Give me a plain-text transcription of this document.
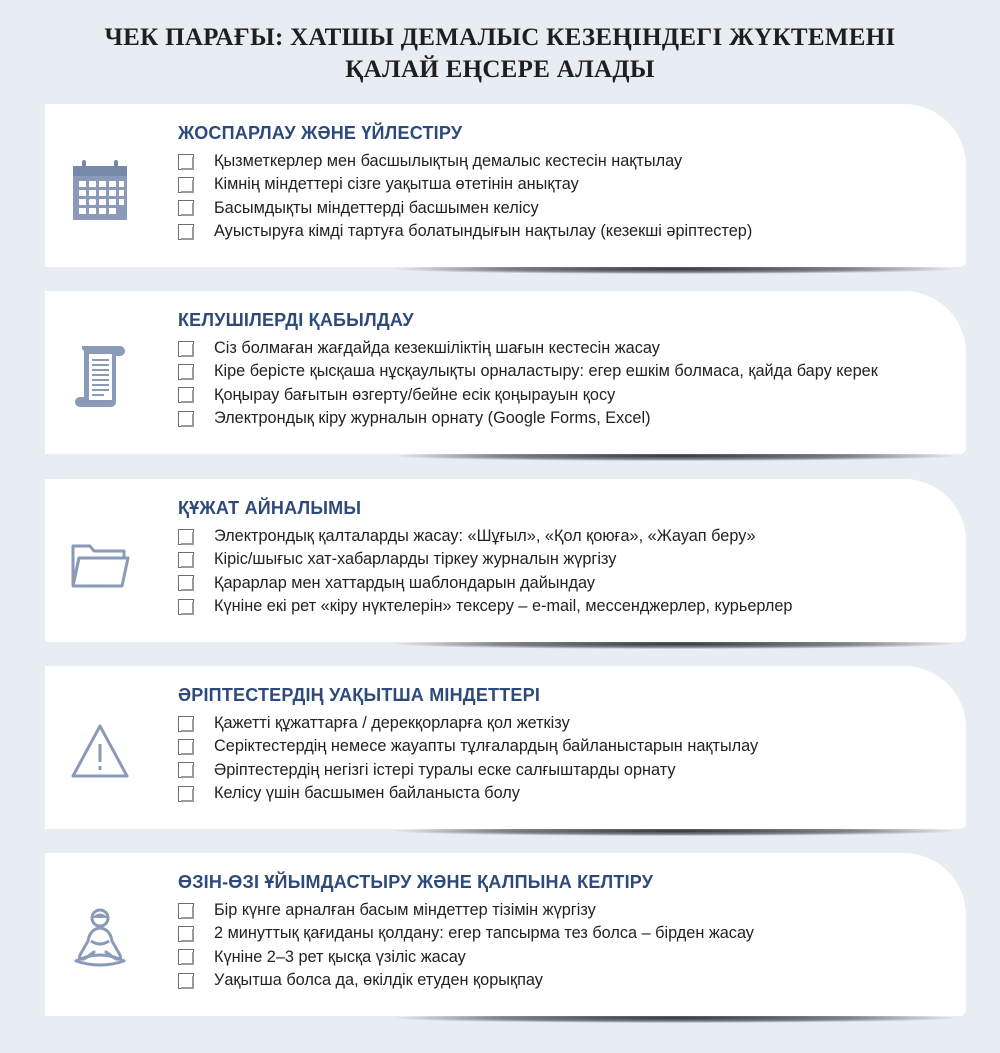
ЧЕК ПАРАҒЫ: ХАТШЫ ДЕМАЛЫС КЕЗЕҢІНДЕГІ ЖҮКТЕМЕНІ
ҚАЛАЙ ЕҢСЕРЕ АЛАДЫ
ЖОСПАРЛАУ ЖӘНЕ ҮЙЛЕСТІРУ
Қызметкерлер мен басшылықтың демалыс кестесін нақтылау
Кімнің міндеттері сізге уақытша өтетінін анықтау
Басымдықты міндеттерді басшымен келісу
Ауыстыруға кімді тартуға болатындығын нақтылау (кезекші әріптестер)
КЕЛУШІЛЕРДІ ҚАБЫЛДАУ
Сіз болмаған жағдайда кезекшіліктің шағын кестесін жасау
Кіре берісте қысқаша нұсқаулықты орналастыру: егер ешкім болмаса, қайда бару керек
Қоңырау бағытын өзгерту/бейне есік қоңырауын қосу
Электрондық кіру журналын орнату (Google Forms, Excel)
ҚҰЖАТ АЙНАЛЫМЫ
Электрондық қалталарды жасау: «Шұғыл», «Қол қоюға», «Жауап беру»
Кіріс/шығыс хат-хабарларды тіркеу журналын жүргізу
Қарарлар мен хаттардың шаблондарын дайындау
Күніне екі рет «кіру нүктелерін» тексеру – e-mail, мессенджерлер, курьерлер
ӘРІПТЕСТЕРДІҢ УАҚЫТША МІНДЕТТЕРІ
Қажетті құжаттарға / дерекқорларға қол жеткізу
Серіктестердің немесе жауапты тұлғалардың байланыстарын нақтылау
Әріптестердің негізгі істері туралы еске салғыштарды орнату
Келісу үшін басшымен байланыста болу
ӨЗІН-ӨЗІ ҰЙЫМДАСТЫРУ ЖӘНЕ ҚАЛПЫНА КЕЛТІРУ
Бір күнге арналған басым міндеттер тізімін жүргізу
2 минуттық қағиданы қолдану: егер тапсырма тез болса – бірден жасау
Күніне 2–3 рет қысқа үзіліс жасау
Уақытша болса да, өкілдік етуден қорықпау
